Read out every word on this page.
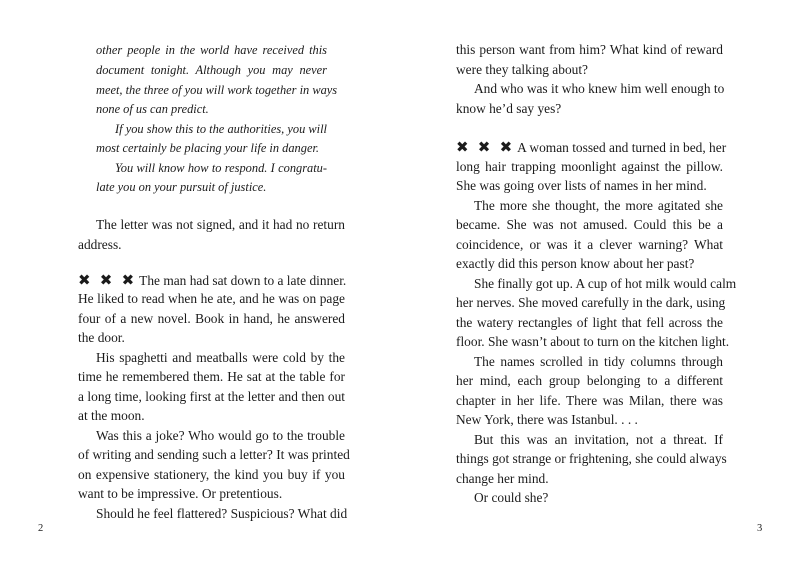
other people in the world have received this
document tonight. Although you may never
meet, the three of you will work together in ways
none of us can predict.
If you show this to the authorities, you will
most certainly be placing your life in danger.
You will know how to respond. I congratu-
late you on your pursuit of justice.
The letter was not signed, and it had no return
address.
✖ ✖ ✖ The man had sat down to a late dinner.
He liked to read when he ate, and he was on page
four of a new novel. Book in hand, he answered
the door.
His spaghetti and meatballs were cold by the
time he remembered them. He sat at the table for
a long time, looking first at the letter and then out
at the moon.
Was this a joke? Who would go to the trouble
of writing and sending such a letter? It was printed
on expensive stationery, the kind you buy if you
want to be impressive. Or pretentious.
Should he feel flattered? Suspicious? What did
2
this person want from him? What kind of reward
were they talking about?
And who was it who knew him well enough to
know he’d say yes?
✖ ✖ ✖ A woman tossed and turned in bed, her
long hair trapping moonlight against the pillow.
She was going over lists of names in her mind.
The more she thought, the more agitated she
became. She was not amused. Could this be a
coincidence, or was it a clever warning? What
exactly did this person know about her past?
She finally got up. A cup of hot milk would calm
her nerves. She moved carefully in the dark, using
the watery rectangles of light that fell across the
floor. She wasn’t about to turn on the kitchen light.
The names scrolled in tidy columns through
her mind, each group belonging to a different
chapter in her life. There was Milan, there was
New York, there was Istanbul. . . .
But this was an invitation, not a threat. If
things got strange or frightening, she could always
change her mind.
Or could she?
3
